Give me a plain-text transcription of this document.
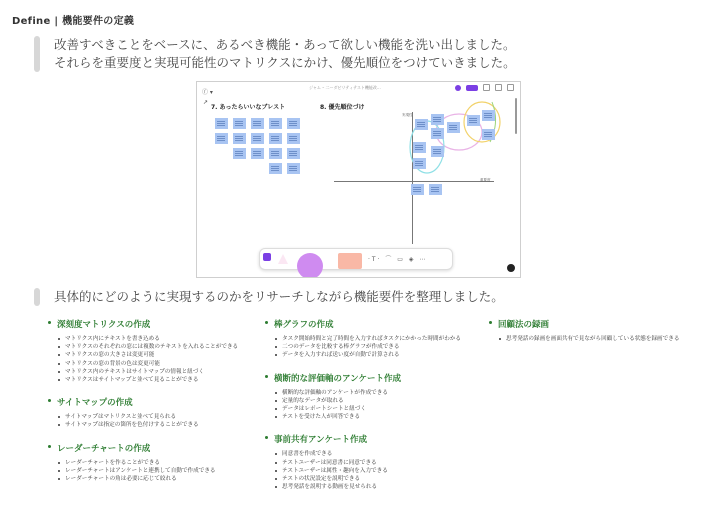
Define | 機能要件の定義
改善すべきことをベースに、あるべき機能・あって欲しい機能を洗い出しました。
それらを重要度と実現可能性のマトリクスにかけ、優先順位をつけていきました。
ⓕ ▾
ジャム – 二ーダビリティテスト機能改...
↗
7. あったらいいなブレスト	8. 優先順位づけ
実現性
重要度
·T· ⌒ ▭ ◈ ⋯
具体的にどのように実現するのかをリサーチしながら機能要件を整理しました。
深刻度マトリクスの作成
マトリクス内にテキストを書き込める
マトリクスのそれぞれの窓には複数のテキストを入れることができる
マトリクスの窓の大きさは変更可能
マトリクスの窓の背景の色は変更可能
マトリクス内のテキストはサイトマップの情報と紐づく
マトリクスはサイトマップと並べて見ることができる
サイトマップの作成
サイトマップはマトリクスと並べて見られる
サイトマップは指定の箇所を色付けすることができる
レーダーチャートの作成
レーダーチャートを作ることができる
レーダーチャートはアンケートと連携して自動で作成できる
レーダーチャートの角は必要に応じて絞れる
棒グラフの作成
タスク開始時間と完了時間を入力すればタスクにかかった時間がわかる
二つのデータを比較する棒グラフが作成できる
データを入力すれば送い度が自動で計算される
横断的な評価軸のアンケート作成
横断的な評価軸のアンケートが作成できる
定量的なデータが取れる
データはレポートシートと紐づく
テストを受けた人が回答できる
事前共有アンケート作成
同意書を作成できる
テストユーザーは同意書に同意できる
テストユーザーは属性・趣向を入力できる
テストの状況設定を説明できる
思考発話を説明する動画を見せられる
回顧法の録画
思考発話の録画を画面共有で見ながら回顧している状態を録画できる
